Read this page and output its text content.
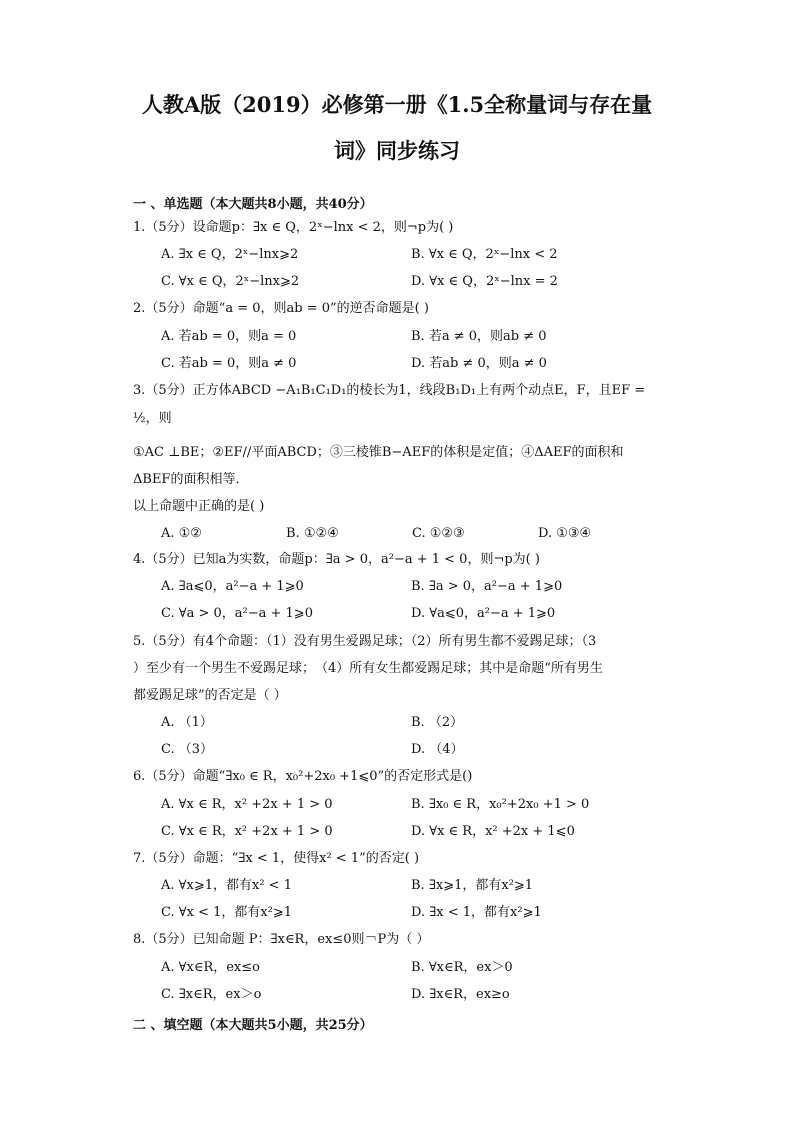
人教A版（2019）必修第一册《1.5全称量词与存在量
词》同步练习
一 、单选题（本大题共8小题，共40分）
1.（5分）设命题p：∃x ∈ Q，2ˣ−lnx < 2，则¬p为( )
A. ∃x ∈ Q，2ˣ−lnx⩾2	B. ∀x ∈ Q，2ˣ−lnx < 2
C. ∀x ∈ Q，2ˣ−lnx⩾2	D. ∀x ∈ Q，2ˣ−lnx = 2
2.（5分）命题“a = 0，则ab = 0”的逆否命题是( )
A. 若ab = 0，则a = 0	B. 若a ≠ 0，则ab ≠ 0
C. 若ab = 0，则a ≠ 0	D. 若ab ≠ 0，则a ≠ 0
3.（5分）正方体ABCD −A₁B₁C₁D₁的棱长为1，线段B₁D₁上有两个动点E，F，且EF =
½，则
①AC ⊥BE；②EF//平面ABCD；③三棱锥B−AEF的体积是定值；④ΔAEF的面积和
ΔBEF的面积相等．
以上命题中正确的是( )
A. ①②	B. ①②④	C. ①②③	D. ①③④
4.（5分）已知a为实数，命题p：∃a > 0，a²−a + 1 < 0，则¬p为( )
A. ∃a⩽0，a²−a + 1⩾0	B. ∃a > 0，a²−a + 1⩾0
C. ∀a > 0，a²−a + 1⩾0	D. ∀a⩽0，a²−a + 1⩾0
5.（5分）有4个命题：（1）没有男生爱踢足球；（2）所有男生都不爱踢足球；（3
）至少有一个男生不爱踢足球；　（4）所有女生都爱踢足球；其中是命题“所有男生
都爱踢足球”的否定是（ ）
A. （1）	B. （2）
C. （3）	D. （4）
6.（5分）命题“∃x₀ ∈ R，x₀²+2x₀ +1⩽0”的否定形式是()
A. ∀x ∈ R，x² +2x + 1 > 0	B. ∃x₀ ∈ R，x₀²+2x₀ +1 > 0
C. ∀x ∈ R，x² +2x + 1 > 0	D. ∀x ∈ R，x² +2x + 1⩽0
7.（5分）命题：“∃x < 1，使得x² < 1”的否定( )
A. ∀x⩾1，都有x² < 1	B. ∃x⩾1，都有x²⩾1
C. ∀x < 1，都有x²⩾1	D. ∃x < 1，都有x²⩾1
8.（5分）已知命题 P：∃x∈R，ex≤0则￢P为（ ）
A. ∀x∈R，ex≤o	B. ∀x∈R，ex＞0
C. ∃x∈R，ex＞o	D. ∃x∈R，ex≥o
二 、填空题（本大题共5小题，共25分）
